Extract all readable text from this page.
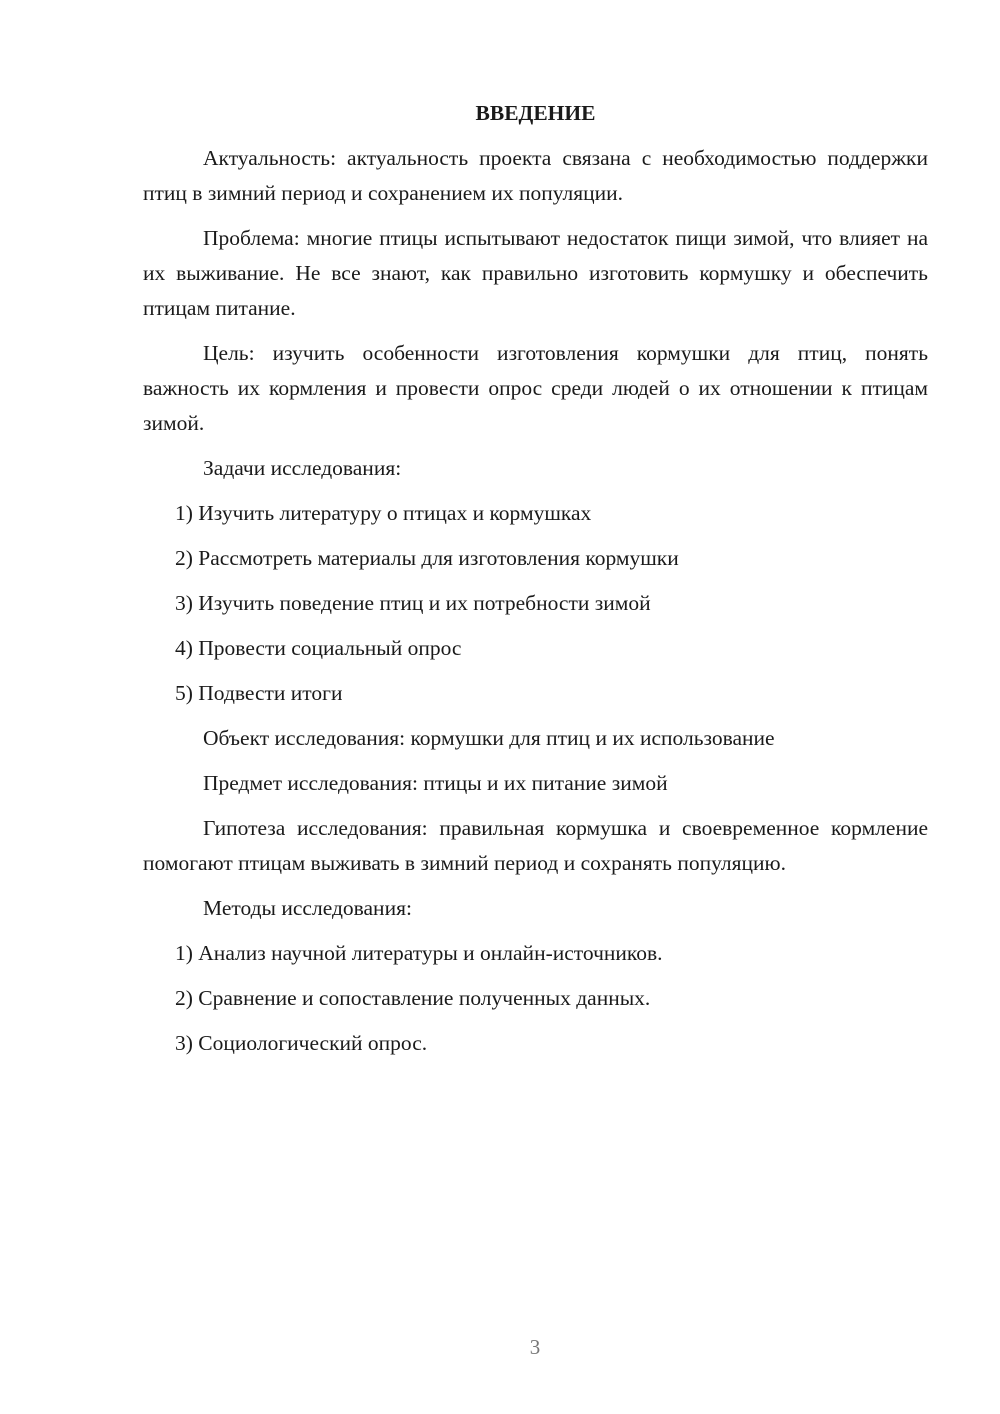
ВВЕДЕНИЕ

Актуальность: актуальность проекта связана с необходимостью поддержки птиц в зимний период и сохранением их популяции.

Проблема: многие птицы испытывают недостаток пищи зимой, что влияет на их выживание. Не все знают, как правильно изготовить кормушку и обеспечить птицам питание.

Цель: изучить особенности изготовления кормушки для птиц, понять важность их кормления и провести опрос среди людей о их отношении к птицам зимой.

Задачи исследования:

1) Изучить литературу о птицах и кормушках

2) Рассмотреть материалы для изготовления кормушки

3) Изучить поведение птиц и их потребности зимой

4) Провести социальный опрос

5) Подвести итоги

Объект исследования: кормушки для птиц и их использование

Предмет исследования: птицы и их питание зимой

Гипотеза исследования: правильная кормушка и своевременное кормление помогают птицам выживать в зимний период и сохранять популяцию.

Методы исследования:

1) Анализ научной литературы и онлайн-источников.

2) Сравнение и сопоставление полученных данных.

3) Социологический опрос.

3
